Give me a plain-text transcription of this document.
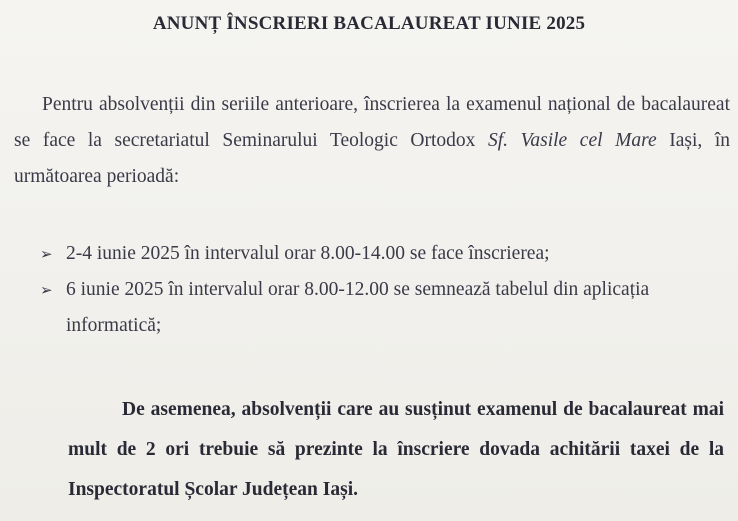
ANUNȚ ÎNSCRIERI BACALAUREAT IUNIE 2025

Pentru absolvenții din seriile anterioare, înscrierea la examenul național de bacalaureat se face la secretariatul Seminarului Teologic Ortodox Sf. Vasile cel Mare Iași, în următoarea perioadă:

➢ 2-4 iunie 2025 în intervalul orar 8.00-14.00 se face înscrierea;
➢ 6 iunie 2025 în intervalul orar 8.00-12.00 se semnează tabelul din aplicația informatică;

De asemenea, absolvenții care au susținut examenul de bacalaureat mai mult de 2 ori trebuie să prezinte la înscriere dovada achitării taxei de la Inspectoratul Școlar Județean Iași.
